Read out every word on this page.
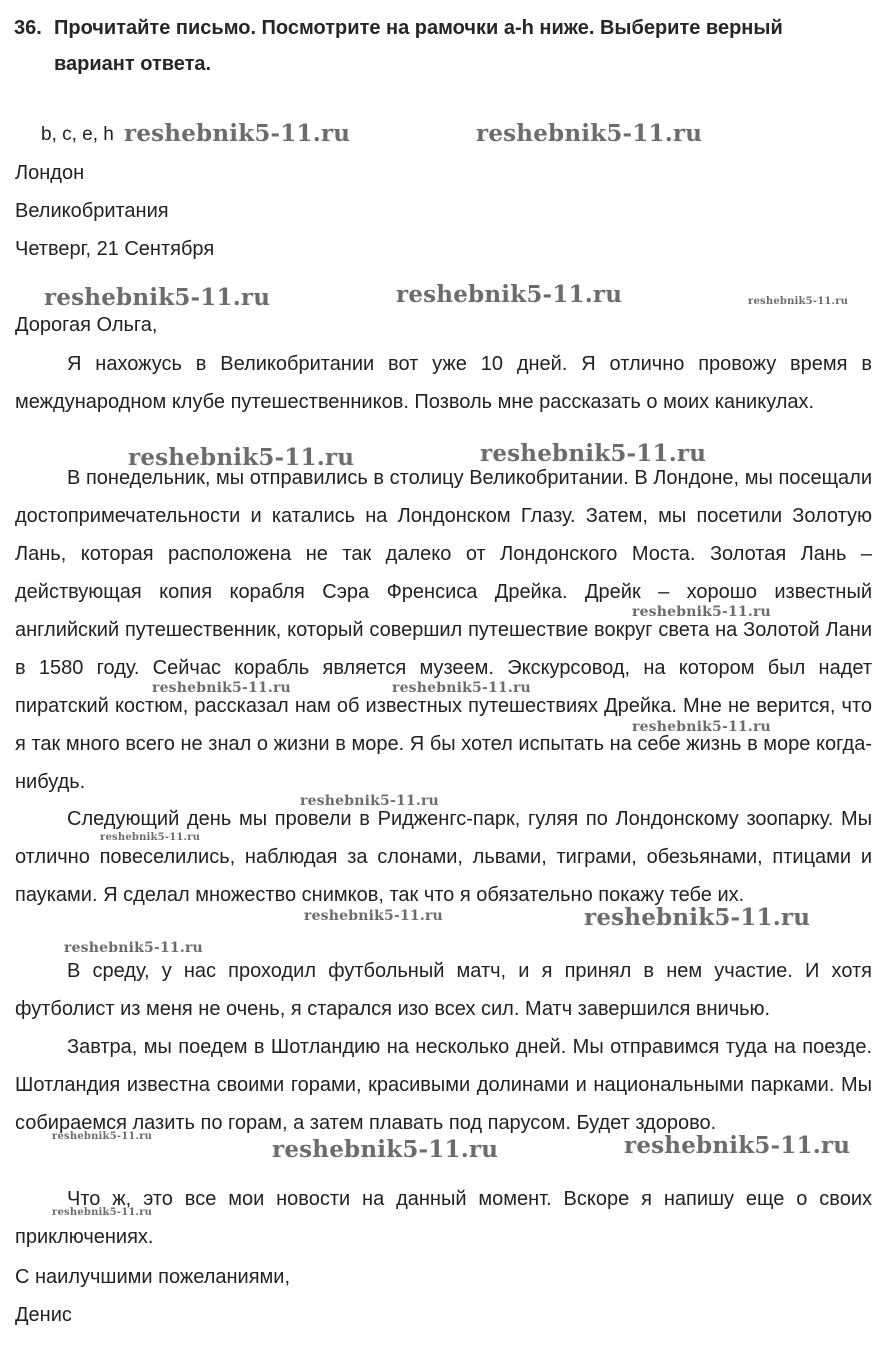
36. Прочитайте письмо. Посмотрите на рамочки a-h ниже. Выберите верный
вариант ответа.
b, c, e, h
Лондон
Великобритания
Четверг, 21 Сентября
Дорогая Ольга,
Я нахожусь в Великобритании вот уже 10 дней. Я отлично провожу время в международном клубе путешественников. Позволь мне рассказать о моих каникулах.
В понедельник, мы отправились в столицу Великобритании. В Лондоне, мы посещали достопримечательности и катались на Лондонском Глазу. Затем, мы посетили Золотую Лань, которая расположена не так далеко от Лондонского Моста. Золотая Лань – действующая копия корабля Сэра Френсиса Дрейка. Дрейк – хорошо известный английский путешественник, который совершил путешествие вокруг света на Золотой Лани в 1580 году. Сейчас корабль является музеем. Экскурсовод, на котором был надет пиратский костюм, рассказал нам об известных путешествиях Дрейка. Мне не верится, что я так много всего не знал о жизни в море. Я бы хотел испытать на себе жизнь в море когда-нибудь.
Следующий день мы провели в Ридженгс-парк, гуляя по Лондонскому зоопарку. Мы отлично повеселились, наблюдая за слонами, львами, тиграми, обезьянами, птицами и пауками. Я сделал множество снимков, так что я обязательно покажу тебе их.
В среду, у нас проходил футбольный матч, и я принял в нем участие. И хотя футболист из меня не очень, я старался изо всех сил. Матч завершился вничью.
Завтра, мы поедем в Шотландию на несколько дней. Мы отправимся туда на поезде. Шотландия известна своими горами, красивыми долинами и национальными парками. Мы собираемся лазить по горам, а затем плавать под парусом. Будет здорово.
Что ж, это все мои новости на данный момент. Вскоре я напишу еще о своих приключениях.
С наилучшими пожеланиями,
Денис
reshebnik5-11.ru	reshebnik5-11.ru
reshebnik5-11.ru	reshebnik5-11.ru	reshebnik5-11.ru
reshebnik5-11.ru	reshebnik5-11.ru
reshebnik5-11.ru
reshebnik5-11.ru	reshebnik5-11.ru
reshebnik5-11.ru
reshebnik5-11.ru
reshebnik5-11.ru
reshebnik5-11.ru	reshebnik5-11.ru
reshebnik5-11.ru
reshebnik5-11.ru	reshebnik5-11.ru	reshebnik5-11.ru
reshebnik5-11.ru
